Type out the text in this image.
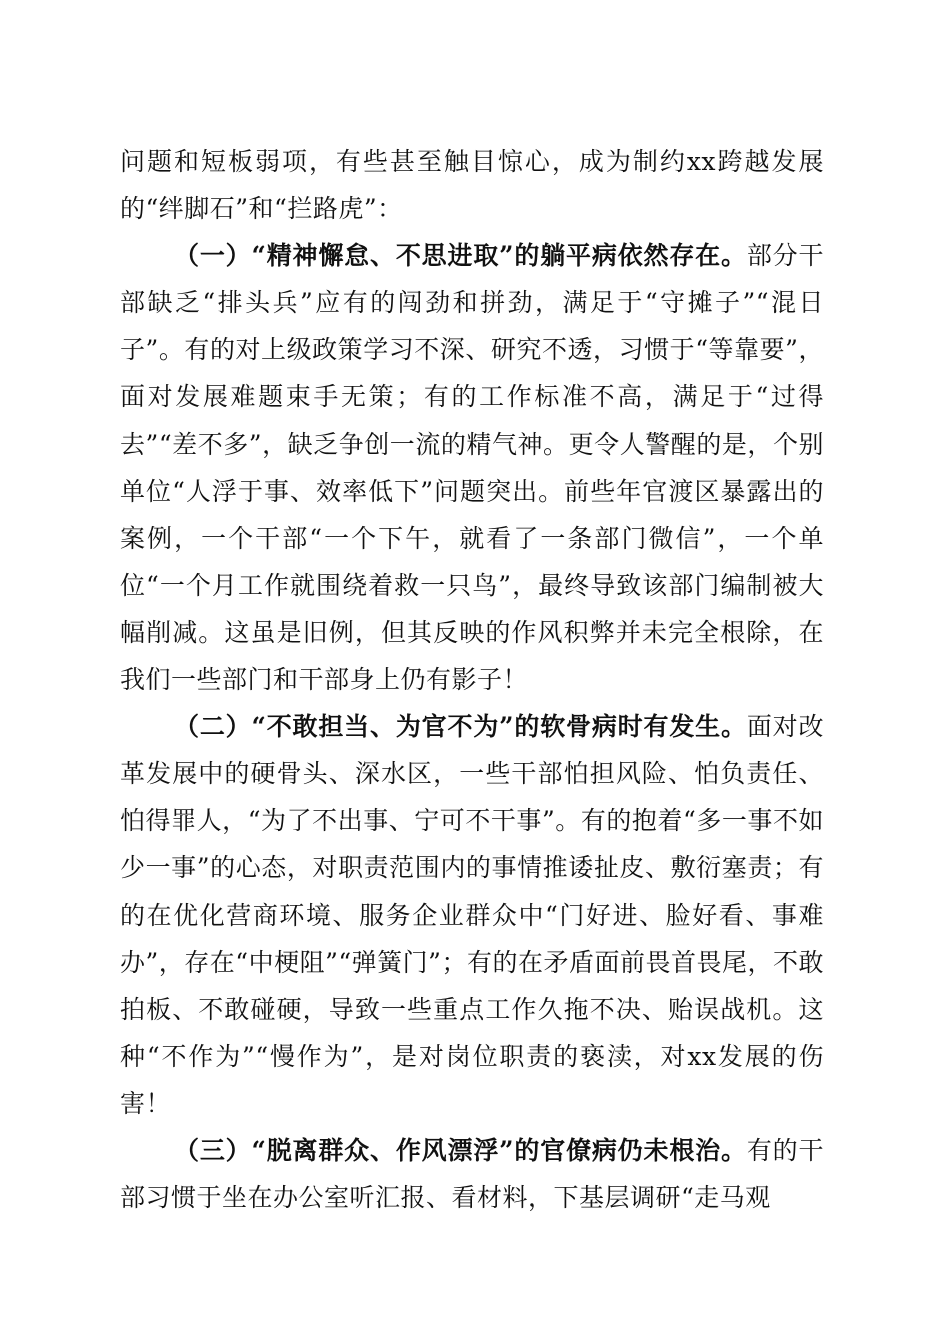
问题和短板弱项，有些甚至触目惊心，成为制约xx跨越发展的“绊脚石”和“拦路虎”：

（一）“精神懈怠、不思进取”的躺平病依然存在。部分干部缺乏“排头兵”应有的闯劲和拼劲，满足于“守摊子”“混日子”。有的对上级政策学习不深、研究不透，习惯于“等靠要”，面对发展难题束手无策；有的工作标准不高，满足于“过得去”“差不多”，缺乏争创一流的精气神。更令人警醒的是，个别单位“人浮于事、效率低下”问题突出。前些年官渡区暴露出的案例，一个干部“一个下午，就看了一条部门微信”，一个单位“一个月工作就围绕着救一只鸟”，最终导致该部门编制被大幅削减。这虽是旧例，但其反映的作风积弊并未完全根除，在我们一些部门和干部身上仍有影子！

（二）“不敢担当、为官不为”的软骨病时有发生。面对改革发展中的硬骨头、深水区，一些干部怕担风险、怕负责任、怕得罪人，“为了不出事、宁可不干事”。有的抱着“多一事不如少一事”的心态，对职责范围内的事情推诿扯皮、敷衍塞责；有的在优化营商环境、服务企业群众中“门好进、脸好看、事难办”，存在“中梗阻”“弹簧门”；有的在矛盾面前畏首畏尾，不敢拍板、不敢碰硬，导致一些重点工作久拖不决、贻误战机。这种“不作为”“慢作为”，是对岗位职责的亵渎，对xx发展的伤害！

（三）“脱离群众、作风漂浮”的官僚病仍未根治。有的干部习惯于坐在办公室听汇报、看材料，下基层调研“走马观
